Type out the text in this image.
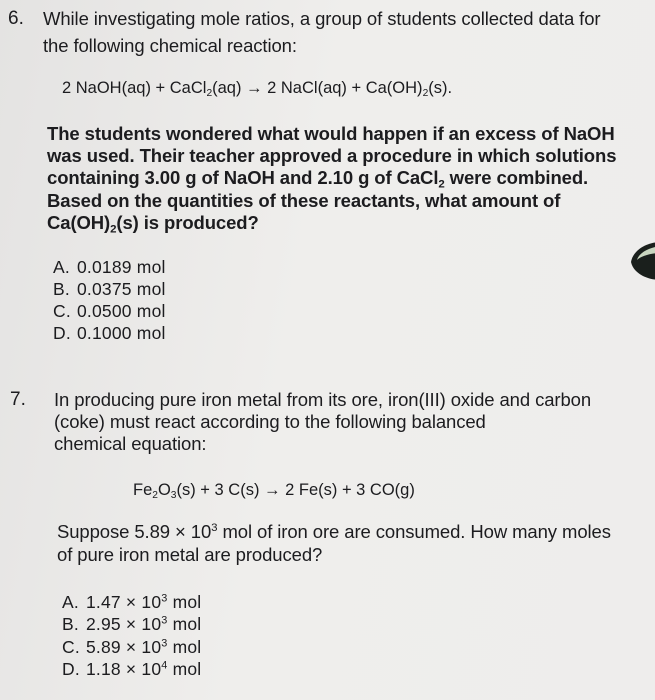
6. While investigating mole ratios, a group of students collected data for
the following chemical reaction:
2 NaOH(aq) + CaCl$_2$(aq) → 2 NaCl(aq) + $Ca(OH)_2(s)$.
The students wondered what would happen if an excess of NaOH
was used. Their teacher approved a procedure in which solutions
containing 3.00 g of NaOH and 2.10 g of CaCl$_2$ were combined.
Based on the quantities of these reactants, what amount of
$Ca(OH)_2(s)$ is produced?
A. 0.0189 mol
B. 0.0375 mol
C. 0.0500 mol
D. 0.1000 mol
7. In producing pure iron metal from its ore, iron(III) oxide and carbon
(coke) must react according to the following balanced
chemical equation:
$Fe_2O_3(s) + 3$ C(s) → 2 Fe(s) + 3 CO(g)
Suppose $5.89 \times 10^3$ mol of iron ore are consumed. How many moles
of pure iron metal are produced?
A. $1.47 \times 10^3$ mol
B. $2.95 \times 10^3$ mol
C. $5.89 \times 10^3$ mol
D. $1.18 \times 10^4$ mol
